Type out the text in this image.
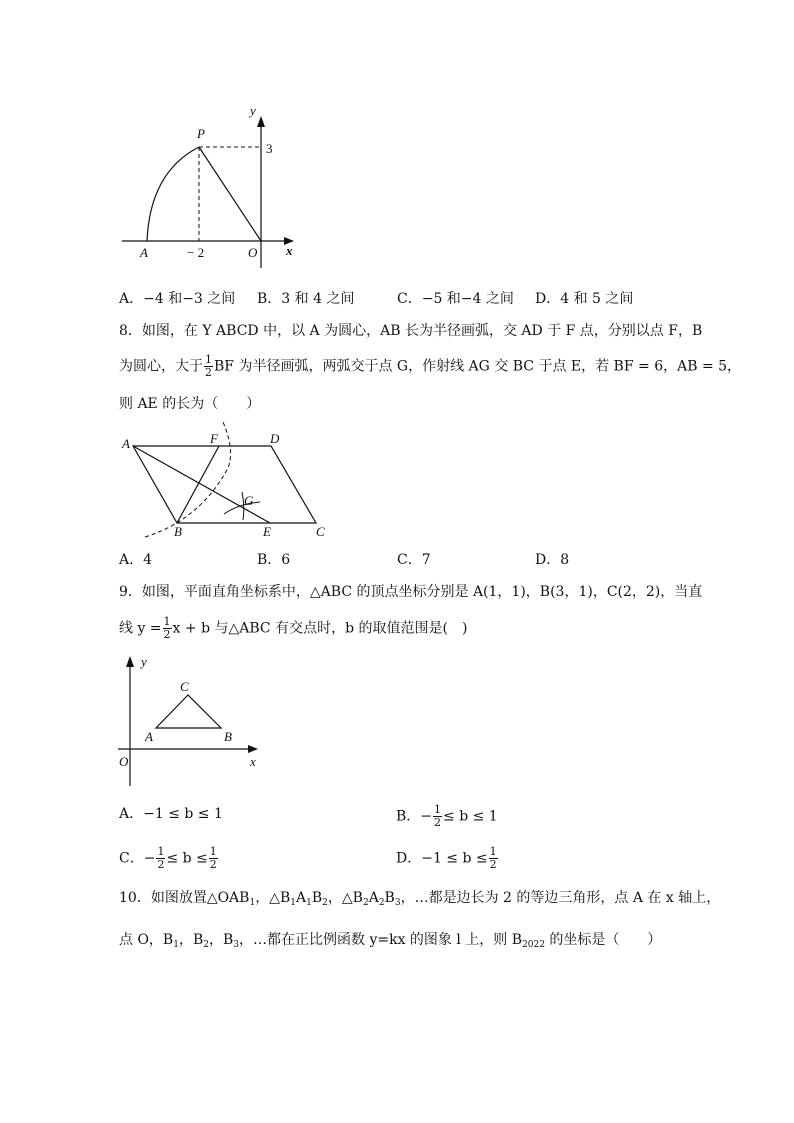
y
P
3
A	− 2	O x
A．−4 和−3 之间 B．3 和 4 之间	C．−5 和−4 之间 D．4 和 5 之间
8．如图，在 Y ABCD 中，以 A 为圆心，AB 长为半径画弧，交 AD 于 F 点，分别以点 F，B
为圆心，大于 $\frac{1}{2}$ BF 为半径画弧，两弧交于点 G，作射线 AG 交 BC 于点 E，若 BF = 6，AB = 5，
则 AE 的长为（　　）
A	F	D
G
B	E	C
A．4	B．6	C．7	D．8
9．如图，平面直角坐标系中，△ABC 的顶点坐标分别是 A(1，1)，B(3，1)，C(2，2)，当直
线 $y = \frac{1}{2}$ x + b 与△ABC 有交点时，b 的取值范围是(　)
y
C
A	B
O	x
A．−1 ≤ b ≤ 1	B．− $\frac{1}{2} \le b \le 1$
C．− $\frac{1}{2} \le b \le \frac{1}{2}$	D．$-1 \le b \le \frac{1}{2}$
10．如图放置$\triangle OAB_1$，$\triangle B_1A_1B_2$，$\triangle B_2A_2B_3$，…都是边长为 2 的等边三角形，点 A 在 x 轴上，
点 O，$B_1$，$B_2$，$B_3$，…都在正比例函数 y=kx 的图象 l 上，则 $B_{2022}$ 的坐标是（　　）
